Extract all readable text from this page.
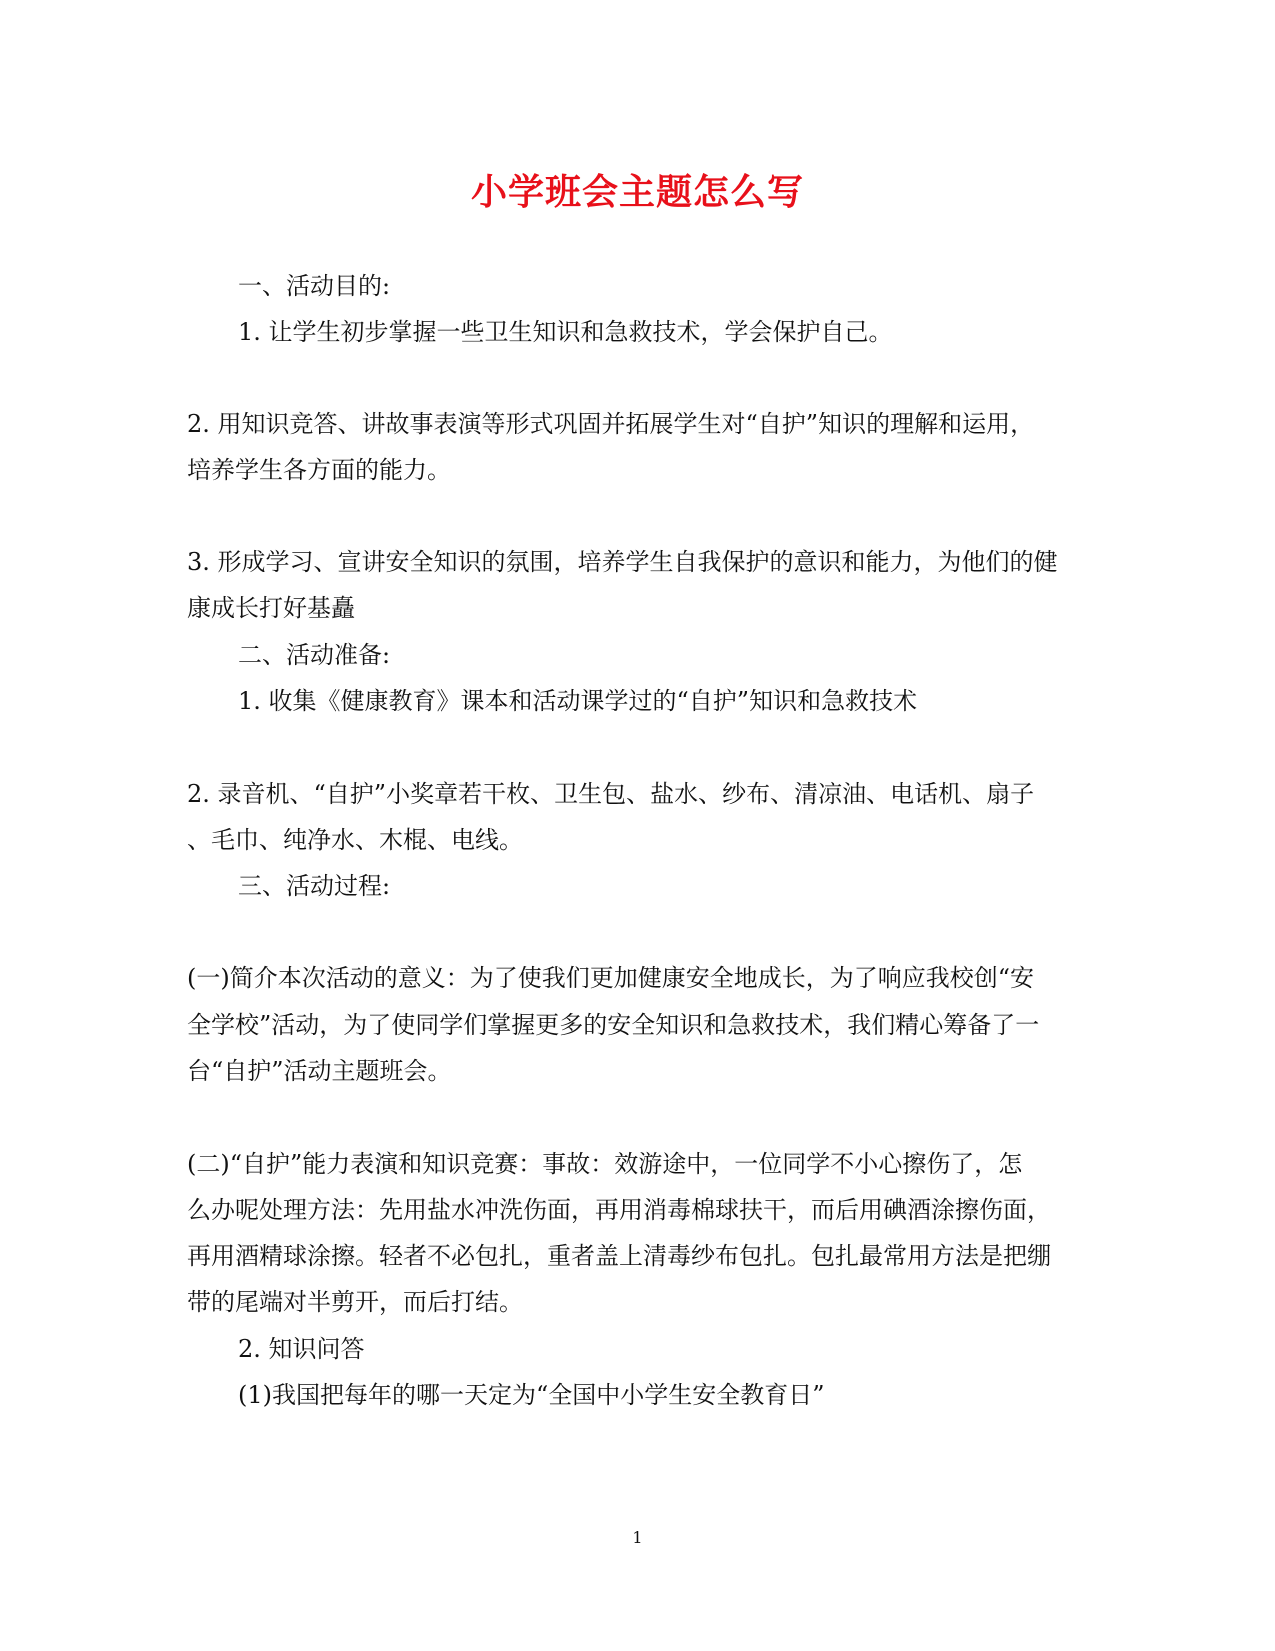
小学班会主题怎么写
一、活动目的:
1. 让学生初步掌握一些卫生知识和急救技术，学会保护自己。
2. 用知识竞答、讲故事表演等形式巩固并拓展学生对“自护”知识的理解和运用，
培养学生各方面的能力。
3. 形成学习、宣讲安全知识的氛围，培养学生自我保护的意识和能力，为他们的健
康成长打好基矗
二、活动准备:
1. 收集《健康教育》课本和活动课学过的“自护”知识和急救技术
2. 录音机、“自护”小奖章若干枚、卫生包、盐水、纱布、清凉油、电话机、扇子
、毛巾、纯净水、木棍、电线。
三、活动过程:
(一)简介本次活动的意义：为了使我们更加健康安全地成长，为了响应我校创“安
全学校”活动，为了使同学们掌握更多的安全知识和急救技术，我们精心筹备了一
台“自护”活动主题班会。
(二)“自护”能力表演和知识竞赛：事故：效游途中，一位同学不小心擦伤了，怎
么办呢处理方法：先用盐水冲洗伤面，再用消毒棉球扶干，而后用碘酒涂擦伤面，
再用酒精球涂擦。轻者不必包扎，重者盖上清毒纱布包扎。包扎最常用方法是把绷
带的尾端对半剪开，而后打结。
2. 知识问答
(1)我国把每年的哪一天定为“全国中小学生安全教育日”
1
